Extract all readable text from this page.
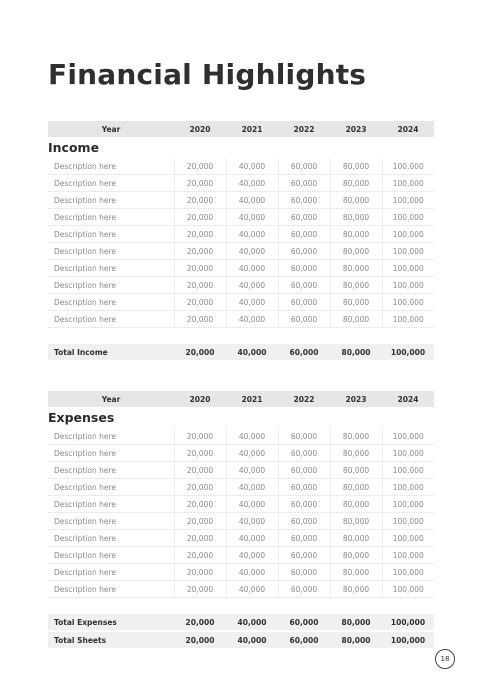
Financial Highlights
Year	2020	2021	2022	2023	2024
Income					
Description here	20,000	40,000	60,000	80,000	100,000
Description here	20,000	40,000	60,000	80,000	100,000
Description here	20,000	40,000	60,000	80,000	100,000
Description here	20,000	40,000	60,000	80,000	100,000
Description here	20,000	40,000	60,000	80,000	100,000
Description here	20,000	40,000	60,000	80,000	100,000
Description here	20,000	40,000	60,000	80,000	100,000
Description here	20,000	40,000	60,000	80,000	100,000
Description here	20,000	40,000	60,000	80,000	100,000
Description here	20,000	40,000	60,000	80,000	100,000

Total Income	20,000	40,000	60,000	80,000	100,000
Year	2020	2021	2022	2023	2024
Expenses					
Description here	20,000	40,000	60,000	80,000	100,000
Description here	20,000	40,000	60,000	80,000	100,000
Description here	20,000	40,000	60,000	80,000	100,000
Description here	20,000	40,000	60,000	80,000	100,000
Description here	20,000	40,000	60,000	80,000	100,000
Description here	20,000	40,000	60,000	80,000	100,000
Description here	20,000	40,000	60,000	80,000	100,000
Description here	20,000	40,000	60,000	80,000	100,000
Description here	20,000	40,000	60,000	80,000	100,000
Description here	20,000	40,000	60,000	80,000	100,000

Total Expenses	20,000	40,000	60,000	80,000	100,000
Total Sheets	20,000	40,000	60,000	80,000	100,000
18
